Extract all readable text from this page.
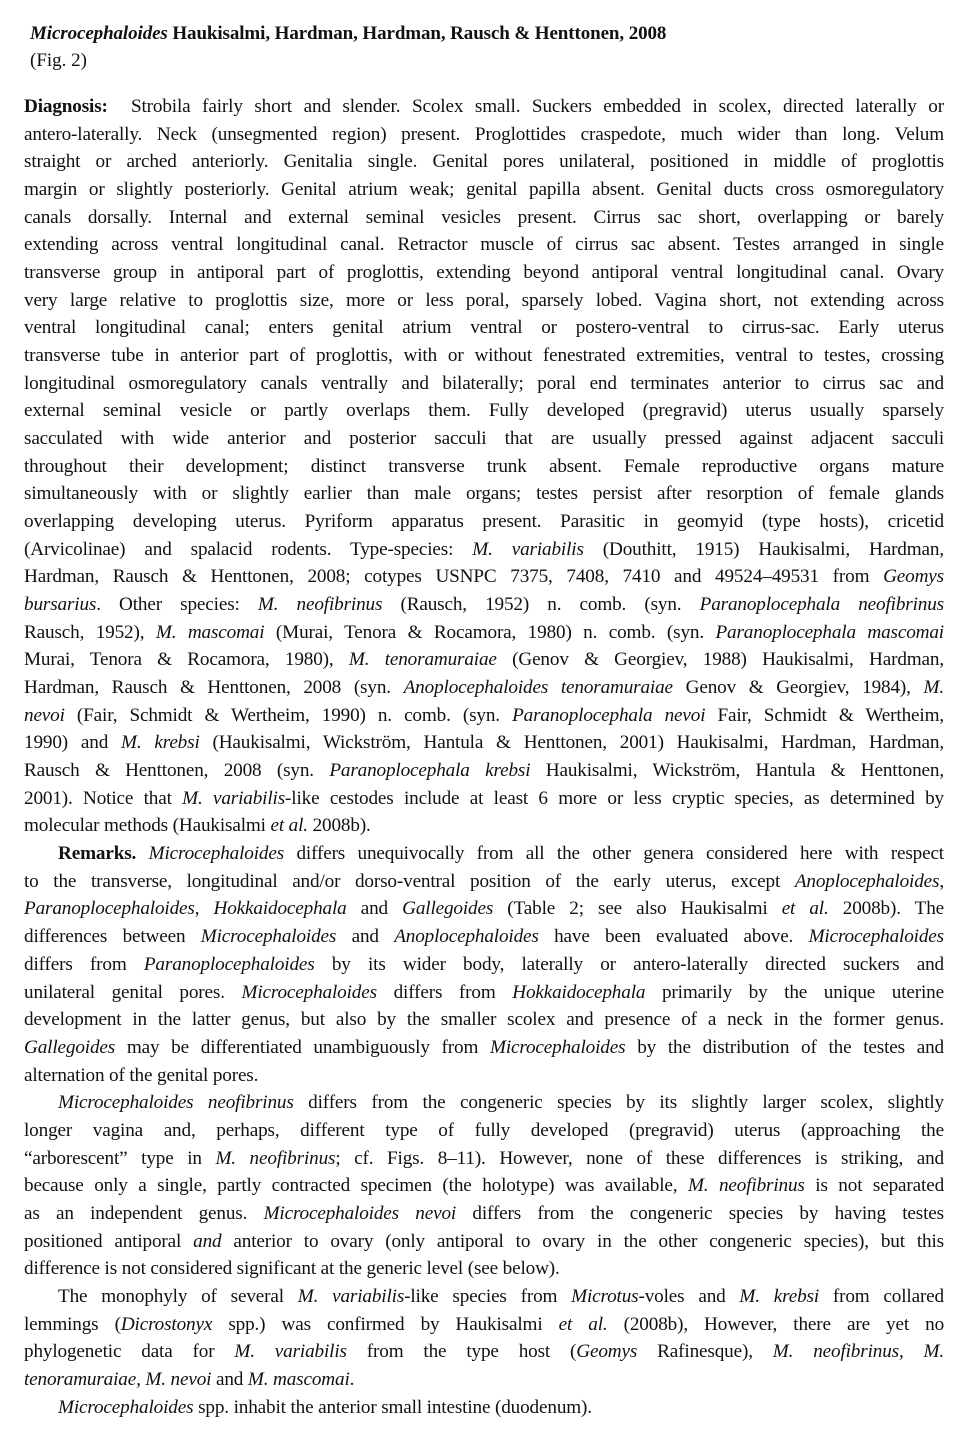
Microcephaloides Haukisalmi, Hardman, Hardman, Rausch & Henttonen, 2008
(Fig. 2)
Diagnosis:  Strobila fairly short and slender. Scolex small. Suckers embedded in scolex, directed laterally or
antero-laterally. Neck (unsegmented region) present. Proglottides craspedote, much wider than long. Velum
straight or arched anteriorly. Genitalia single. Genital pores unilateral, positioned in middle of proglottis
margin or slightly posteriorly. Genital atrium weak; genital papilla absent. Genital ducts cross osmoregulatory
canals dorsally. Internal and external seminal vesicles present. Cirrus sac short, overlapping or barely
extending across ventral longitudinal canal. Retractor muscle of cirrus sac absent. Testes arranged in single
transverse group in antiporal part of proglottis, extending beyond antiporal ventral longitudinal canal. Ovary
very large relative to proglottis size, more or less poral, sparsely lobed. Vagina short, not extending across
ventral longitudinal canal; enters genital atrium ventral or postero-ventral to cirrus-sac. Early uterus
transverse tube in anterior part of proglottis, with or without fenestrated extremities, ventral to testes, crossing
longitudinal osmoregulatory canals ventrally and bilaterally; poral end terminates anterior to cirrus sac and
external seminal vesicle or partly overlaps them. Fully developed (pregravid) uterus usually sparsely
sacculated with wide anterior and posterior sacculi that are usually pressed against adjacent sacculi
throughout their development; distinct transverse trunk absent. Female reproductive organs mature
simultaneously with or slightly earlier than male organs; testes persist after resorption of female glands
overlapping developing uterus. Pyriform apparatus present. Parasitic in geomyid (type hosts), cricetid
(Arvicolinae) and spalacid rodents. Type-species: M. variabilis (Douthitt, 1915) Haukisalmi, Hardman,
Hardman, Rausch & Henttonen, 2008; cotypes USNPC 7375, 7408, 7410 and 49524–49531 from Geomys
bursarius. Other species: M. neofibrinus (Rausch, 1952) n. comb. (syn. Paranoplocephala neofibrinus
Rausch, 1952), M. mascomai (Murai, Tenora & Rocamora, 1980) n. comb. (syn. Paranoplocephala mascomai
Murai, Tenora & Rocamora, 1980), M. tenoramuraiae (Genov & Georgiev, 1988) Haukisalmi, Hardman,
Hardman, Rausch & Henttonen, 2008 (syn. Anoplocephaloides tenoramuraiae Genov & Georgiev, 1984), M.
nevoi (Fair, Schmidt & Wertheim, 1990) n. comb. (syn. Paranoplocephala nevoi Fair, Schmidt & Wertheim,
1990) and M. krebsi (Haukisalmi, Wickström, Hantula & Henttonen, 2001) Haukisalmi, Hardman, Hardman,
Rausch & Henttonen, 2008 (syn. Paranoplocephala krebsi Haukisalmi, Wickström, Hantula & Henttonen,
2001). Notice that M. variabilis-like cestodes include at least 6 more or less cryptic species, as determined by
molecular methods (Haukisalmi et al. 2008b).
Remarks. Microcephaloides differs unequivocally from all the other genera considered here with respect
to the transverse, longitudinal and/or dorso-ventral position of the early uterus, except Anoplocephaloides,
Paranoplocephaloides, Hokkaidocephala and Gallegoides (Table 2; see also Haukisalmi et al. 2008b). The
differences between Microcephaloides and Anoplocephaloides have been evaluated above. Microcephaloides
differs from Paranoplocephaloides by its wider body, laterally or antero-laterally directed suckers and
unilateral genital pores. Microcephaloides differs from Hokkaidocephala primarily by the unique uterine
development in the latter genus, but also by the smaller scolex and presence of a neck in the former genus.
Gallegoides may be differentiated unambiguously from Microcephaloides by the distribution of the testes and
alternation of the genital pores.
Microcephaloides neofibrinus differs from the congeneric species by its slightly larger scolex, slightly
longer vagina and, perhaps, different type of fully developed (pregravid) uterus (approaching the
“arborescent” type in M. neofibrinus; cf. Figs. 8–11). However, none of these differences is striking, and
because only a single, partly contracted specimen (the holotype) was available, M. neofibrinus is not separated
as an independent genus. Microcephaloides nevoi differs from the congeneric species by having testes
positioned antiporal and anterior to ovary (only antiporal to ovary in the other congeneric species), but this
difference is not considered significant at the generic level (see below).
The monophyly of several M. variabilis-like species from Microtus-voles and M. krebsi from collared
lemmings (Dicrostonyx spp.) was confirmed by Haukisalmi et al. (2008b), However, there are yet no
phylogenetic data for M. variabilis from the type host (Geomys Rafinesque), M. neofibrinus, M.
tenoramuraiae, M. nevoi and M. mascomai.
Microcephaloides spp. inhabit the anterior small intestine (duodenum).
